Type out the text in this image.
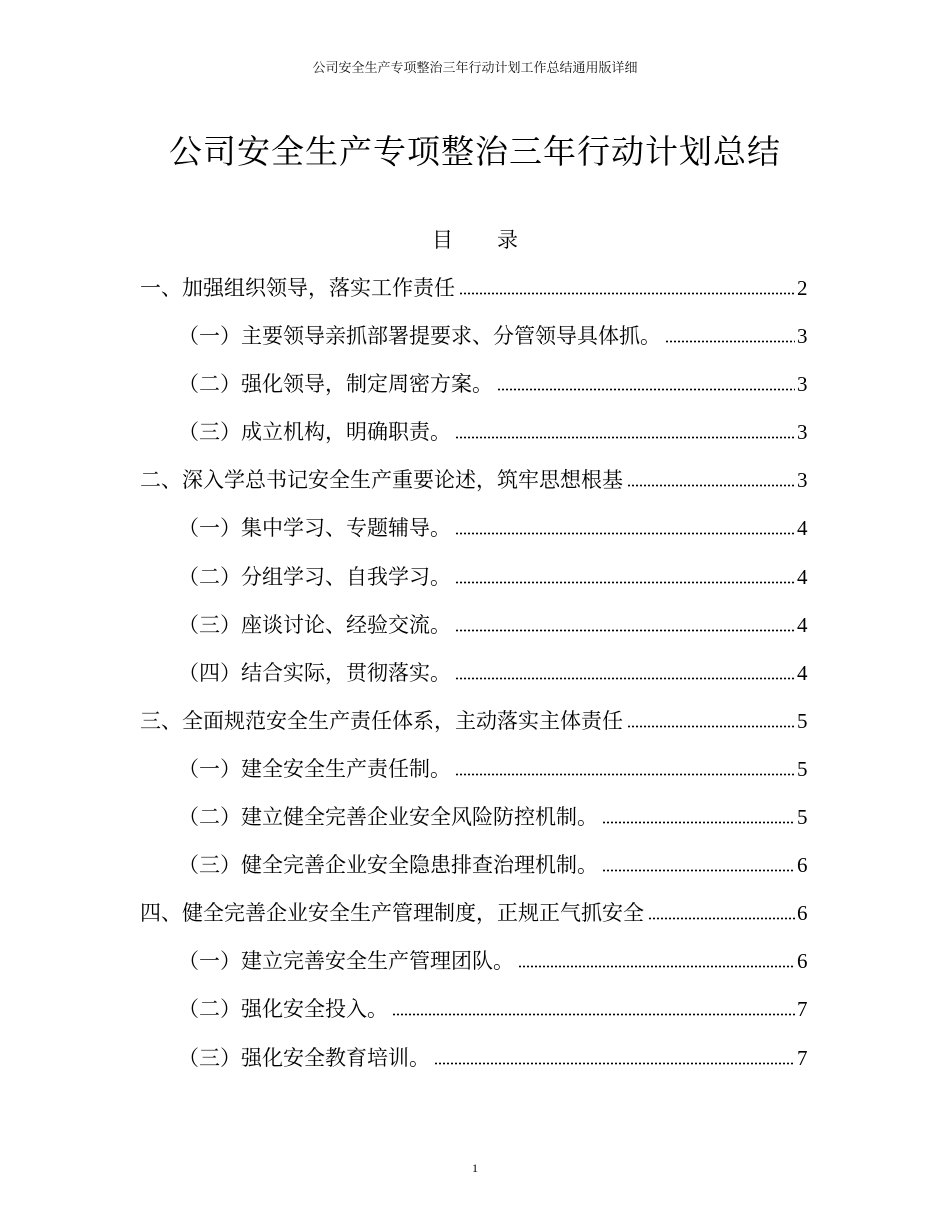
公司安全生产专项整治三年行动计划工作总结通用版详细
公司安全生产专项整治三年行动计划总结
目录
一、加强组织领导，落实工作责任	2
（一）主要领导亲抓部署提要求、分管领导具体抓。	3
（二）强化领导，制定周密方案。	3
（三）成立机构，明确职责。	3
二、深入学总书记安全生产重要论述，筑牢思想根基	3
（一）集中学习、专题辅导。	4
（二）分组学习、自我学习。	4
（三）座谈讨论、经验交流。	4
（四）结合实际，贯彻落实。	4
三、全面规范安全生产责任体系，主动落实主体责任	5
（一）建全安全生产责任制。	5
（二）建立健全完善企业安全风险防控机制。	5
（三）健全完善企业安全隐患排查治理机制。	6
四、健全完善企业安全生产管理制度，正规正气抓安全	6
（一）建立完善安全生产管理团队。	6
（二）强化安全投入。	7
（三）强化安全教育培训。	7
1
